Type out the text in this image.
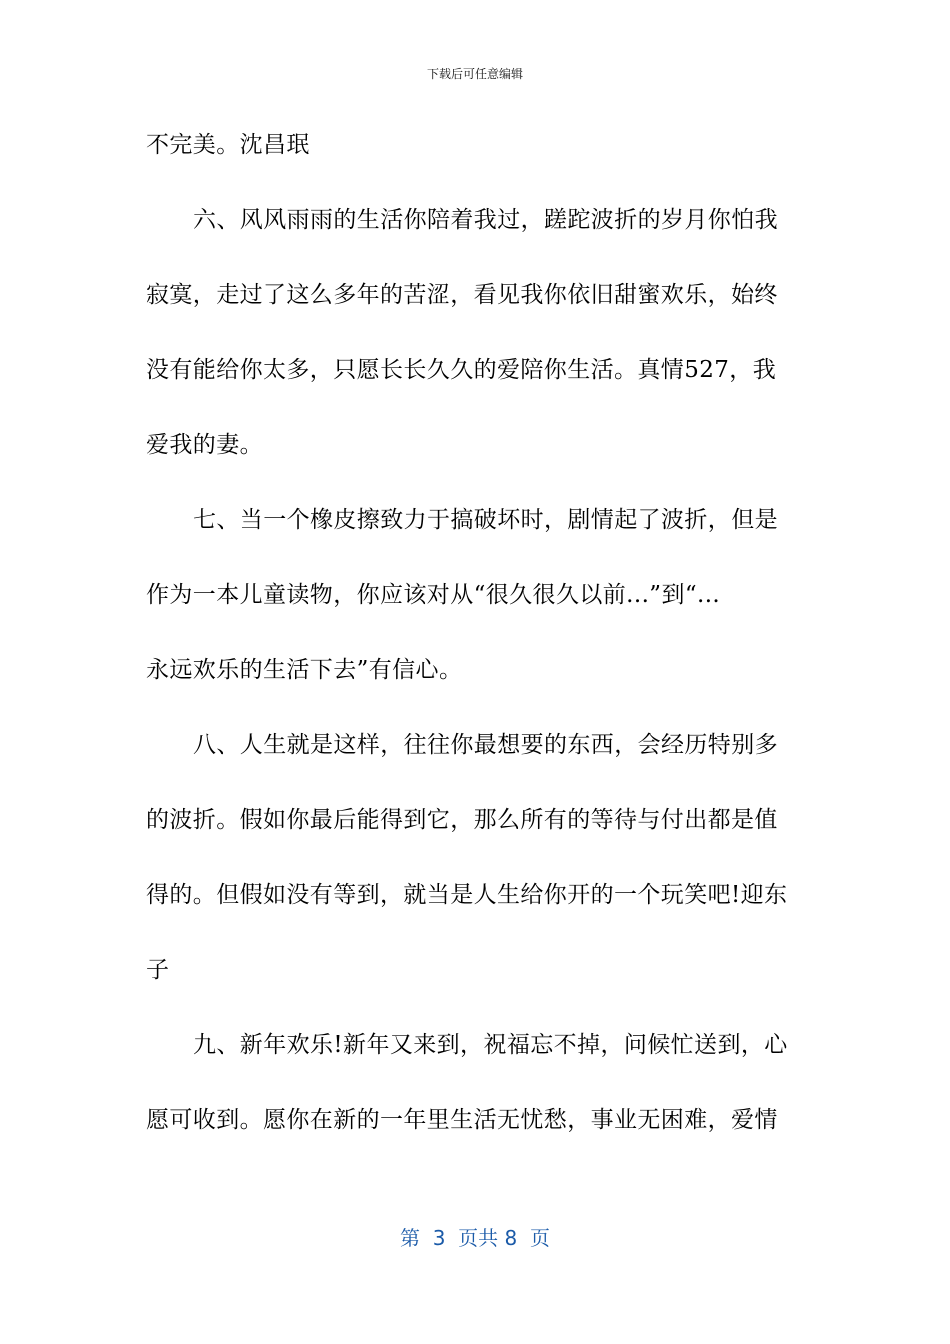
下载后可任意编辑
不完美。沈昌珉
六、风风雨雨的生活你陪着我过，蹉跎波折的岁月你怕我
寂寞，走过了这么多年的苦涩，看见我你依旧甜蜜欢乐，始终
没有能给你太多，只愿长长久久的爱陪你生活。真情527，我
爱我的妻。
七、当一个橡皮擦致力于搞破坏时，剧情起了波折，但是
作为一本儿童读物，你应该对从“很久很久以前...”到“...
永远欢乐的生活下去”有信心。
八、人生就是这样，往往你最想要的东西，会经历特别多
的波折。假如你最后能得到它，那么所有的等待与付出都是值
得的。但假如没有等到，就当是人生给你开的一个玩笑吧!迎东
子
九、新年欢乐!新年又来到，祝福忘不掉，问候忙送到，心
愿可收到。愿你在新的一年里生活无忧愁，事业无困难，爱情
第  3  页共 8  页
